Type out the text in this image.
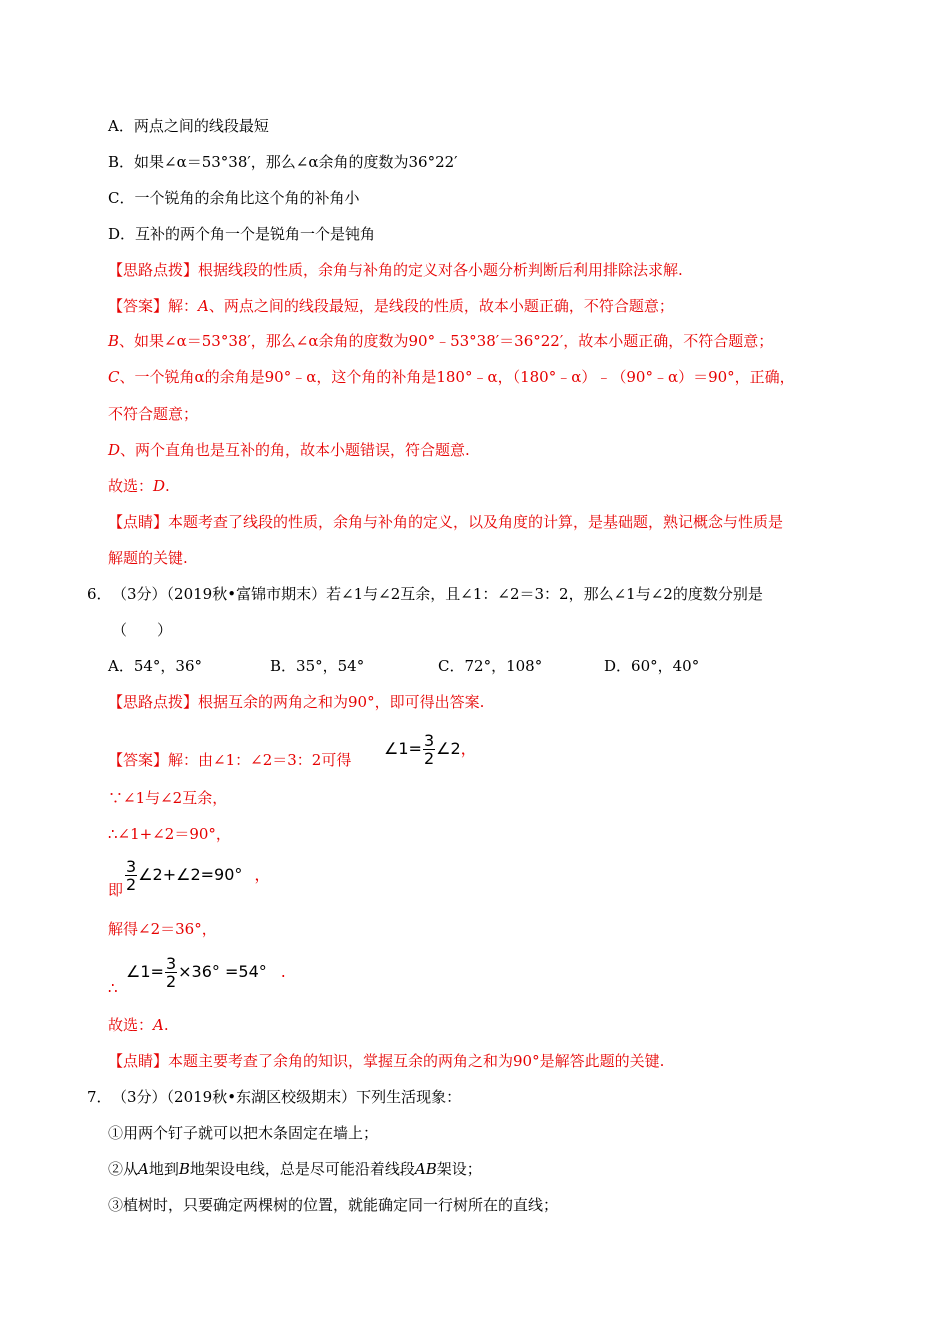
A．两点之间的线段最短
B．如果∠α＝53°38′，那么∠α余角的度数为36°22′
C．一个锐角的余角比这个角的补角小
D．互补的两个角一个是锐角一个是钝角
【思路点拨】根据线段的性质，余角与补角的定义对各小题分析判断后利用排除法求解.
【答案】解：A、两点之间的线段最短，是线段的性质，故本小题正确，不符合题意；
B、如果∠α＝53°38′，那么∠α余角的度数为90°﹣53°38′＝36°22′，故本小题正确，不符合题意；
C、一个锐角α的余角是90°﹣α，这个角的补角是180°﹣α，（180°﹣α）﹣（90°﹣α）＝90°，正确，
不符合题意；
D、两个直角也是互补的角，故本小题错误，符合题意.
故选：D.
【点睛】本题考查了线段的性质，余角与补角的定义，以及角度的计算，是基础题，熟记概念与性质是
解题的关键.
6． （3分）（2019秋•富锦市期末）若∠1与∠2互余，且∠1：∠2＝3：2，那么∠1与∠2的度数分别是
（　　）
A．54°，36°	B．35°，54°	C．72°，108°	D．60°，40°
【思路点拨】根据互余的两角之和为90°，即可得出答案.
【答案】解：由∠1：∠2＝3：2可得
∠1= $\frac{3}{2}$ ∠2，
∵∠1与∠2互余，
∴∠1+∠2＝90°，
即 $\frac{3}{2}$ ∠2+∠2=90° ，
解得∠2＝36°，
∴
∠1= $\frac{3}{2} \times 36^\circ =54^\circ$ .
故选：A.
【点睛】本题主要考查了余角的知识，掌握互余的两角之和为90°是解答此题的关键.
7． （3分）（2019秋•东湖区校级期末）下列生活现象：
①用两个钉子就可以把木条固定在墙上；
②从A地到B地架设电线，总是尽可能沿着线段AB架设；
③植树时，只要确定两棵树的位置，就能确定同一行树所在的直线；
